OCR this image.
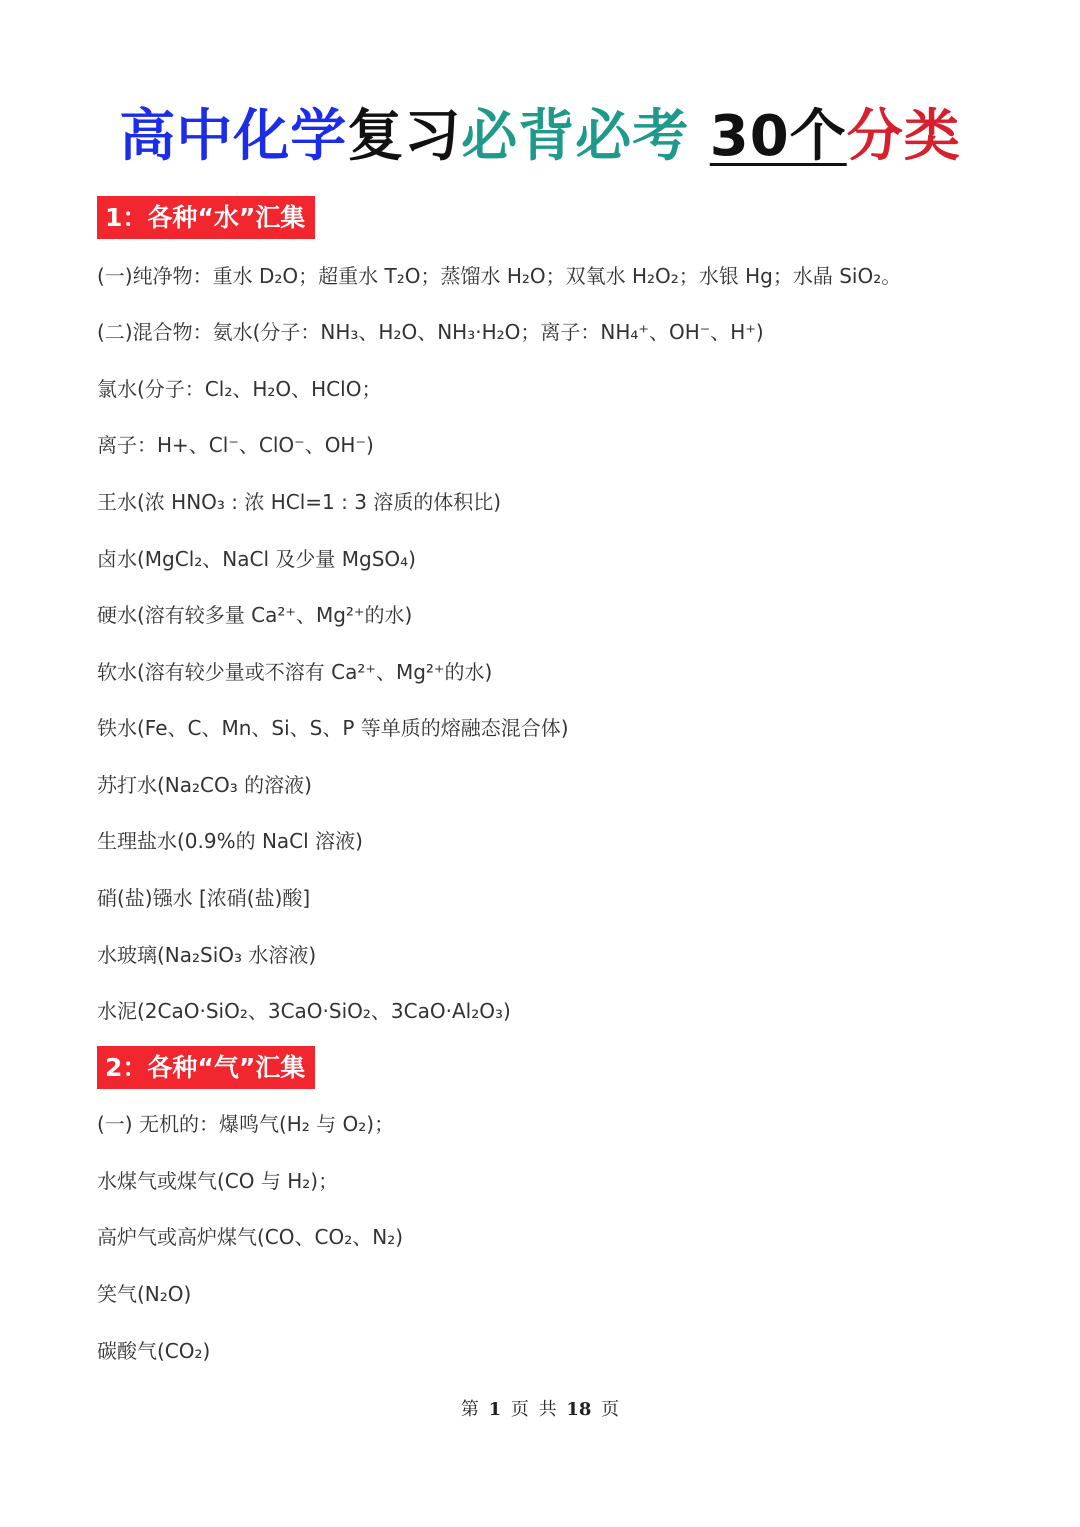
高中化学复习必背必考 30个分类
1：各种“水”汇集
(一)纯净物：重水 D₂O；超重水 T₂O；蒸馏水 H₂O；双氧水 H₂O₂；水银 Hg；水晶 SiO₂。
(二)混合物：氨水(分子：NH₃、H₂O、NH₃·H₂O；离子：NH₄⁺、OH⁻、H⁺)
氯水(分子：Cl₂、H₂O、HClO；
离子：H+、Cl⁻、ClO⁻、OH⁻)
王水(浓 HNO₃ : 浓 HCl=1 : 3 溶质的体积比)
卤水(MgCl₂、NaCl 及少量 MgSO₄)
硬水(溶有较多量 Ca²⁺、Mg²⁺的水)
软水(溶有较少量或不溶有 Ca²⁺、Mg²⁺的水)
铁水(Fe、C、Mn、Si、S、P 等单质的熔融态混合体)
苏打水(Na₂CO₃ 的溶液)
生理盐水(0.9%的 NaCl 溶液)
硝(盐)镪水 [浓硝(盐)酸]
水玻璃(Na₂SiO₃ 水溶液)
水泥(2CaO·SiO₂、3CaO·SiO₂、3CaO·Al₂O₃)
2：各种“气”汇集
(一) 无机的：爆鸣气(H₂ 与 O₂)；
水煤气或煤气(CO 与 H₂)；
高炉气或高炉煤气(CO、CO₂、N₂)
笑气(N₂O)
碳酸气(CO₂)
第 1 页 共 18 页
